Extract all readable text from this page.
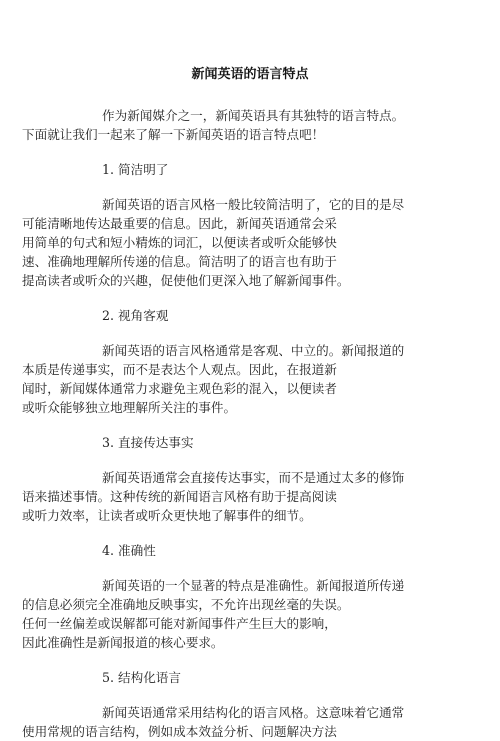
新闻英语的语言特点
作为新闻媒介之一，新闻英语具有其独特的语言特点。
下面就让我们一起来了解一下新闻英语的语言特点吧！
1. 简洁明了
新闻英语的语言风格一般比较简洁明了，它的目的是尽
可能清晰地传达最重要的信息。因此，新闻英语通常会采
用简单的句式和短小精炼的词汇，以便读者或听众能够快
速、准确地理解所传递的信息。简洁明了的语言也有助于
提高读者或听众的兴趣，促使他们更深入地了解新闻事件。
2. 视角客观
新闻英语的语言风格通常是客观、中立的。新闻报道的
本质是传递事实，而不是表达个人观点。因此，在报道新
闻时，新闻媒体通常力求避免主观色彩的混入，以便读者
或听众能够独立地理解所关注的事件。
3. 直接传达事实
新闻英语通常会直接传达事实，而不是通过太多的修饰
语来描述事情。这种传统的新闻语言风格有助于提高阅读
或听力效率，让读者或听众更快地了解事件的细节。
4. 准确性
新闻英语的一个显著的特点是准确性。新闻报道所传递
的信息必须完全准确地反映事实，不允许出现丝毫的失误。
任何一丝偏差或误解都可能对新闻事件产生巨大的影响，
因此准确性是新闻报道的核心要求。
5. 结构化语言
新闻英语通常采用结构化的语言风格。这意味着它通常
使用常规的语言结构，例如成本效益分析、问题解决方法
